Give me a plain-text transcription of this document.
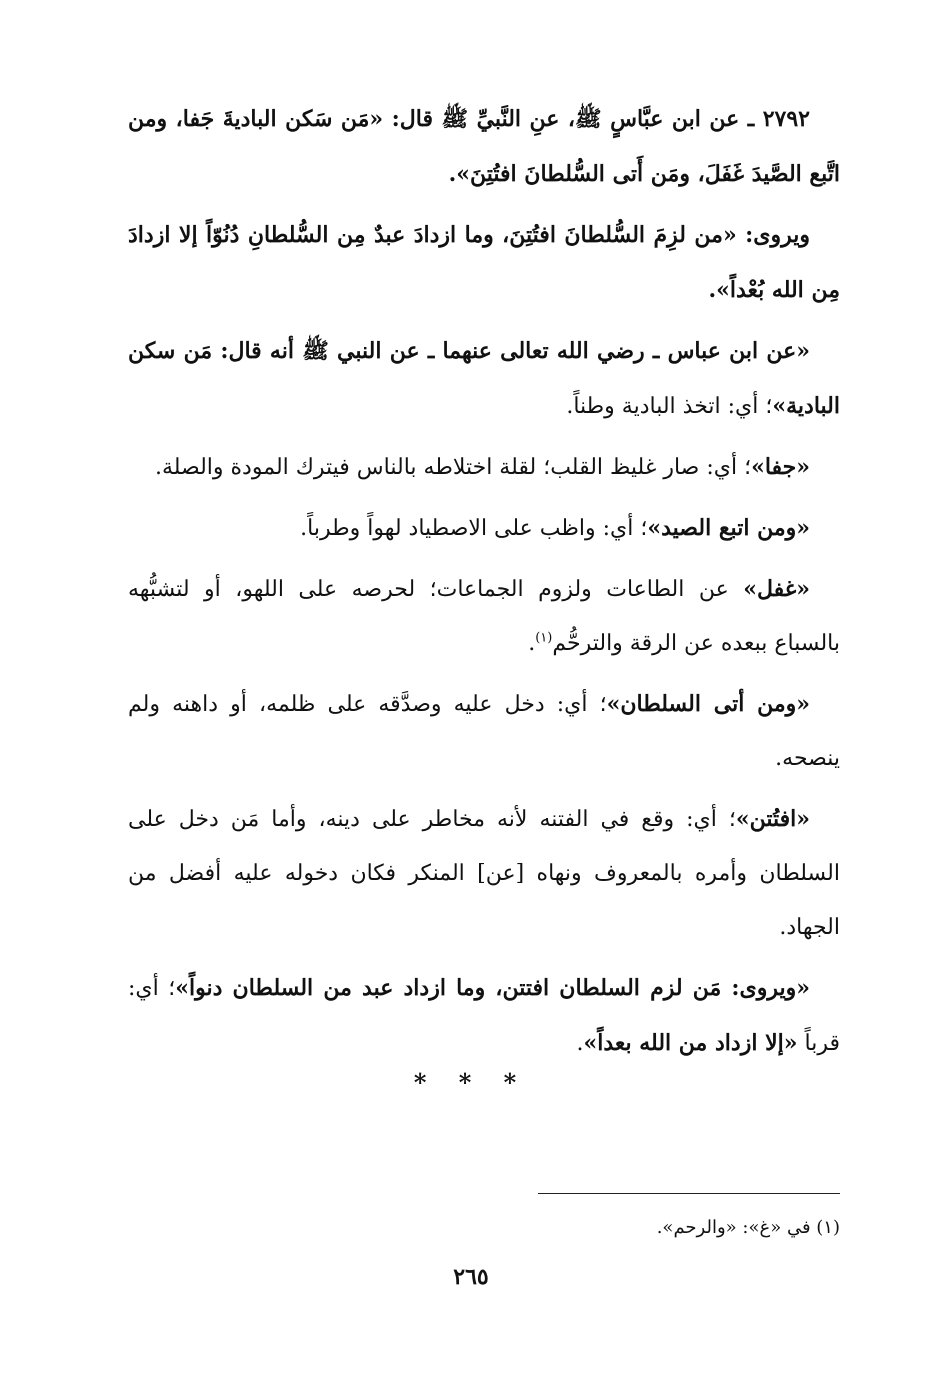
٢٧٩٢ ـ عن ابن عبَّاسٍ ﷺ، عنِ النَّبيِّ ﷺ قال: «مَن سَكن الباديةَ جَفا، ومن اتَّبع الصَّيدَ غَفَلَ، ومَن أَتى السُّلطانَ افتُتِنَ».

ويروى: «من لزِمَ السُّلطانَ افتُتِنَ، وما ازدادَ عبدٌ مِن السُّلطانِ دُنُوّاً إلا ازدادَ مِن الله بُعْداً».

«عن ابن عباس ـ رضي الله تعالى عنهما ـ عن النبي ﷺ أنه قال: مَن سكن البادية»؛ أي: اتخذ البادية وطناً.

«جفا»؛ أي: صار غليظ القلب؛ لقلة اختلاطه بالناس فيترك المودة والصلة.

«ومن اتبع الصيد»؛ أي: واظب على الاصطياد لهواً وطرباً.

«غفل» عن الطاعات ولزوم الجماعات؛ لحرصه على اللهو، أو لتشبُّهه بالسباع ببعده عن الرقة والترحُّم$^{(١)}$.

«ومن أتى السلطان»؛ أي: دخل عليه وصدَّقه على ظلمه، أو داهنه ولم ينصحه.

«افتُتن»؛ أي: وقع في الفتنه لأنه مخاطر على دينه، وأما مَن دخل على السلطان وأمره بالمعروف ونهاه [عن] المنكر فكان دخوله عليه أفضل من الجهاد.

«ويروى: مَن لزم السلطان افتتن، وما ازداد عبد من السلطان دنواً»؛ أي: قرباً «إلا ازداد من الله بعداً».

* * *
(١) في «غ»: «والرحم».
٢٦٥
